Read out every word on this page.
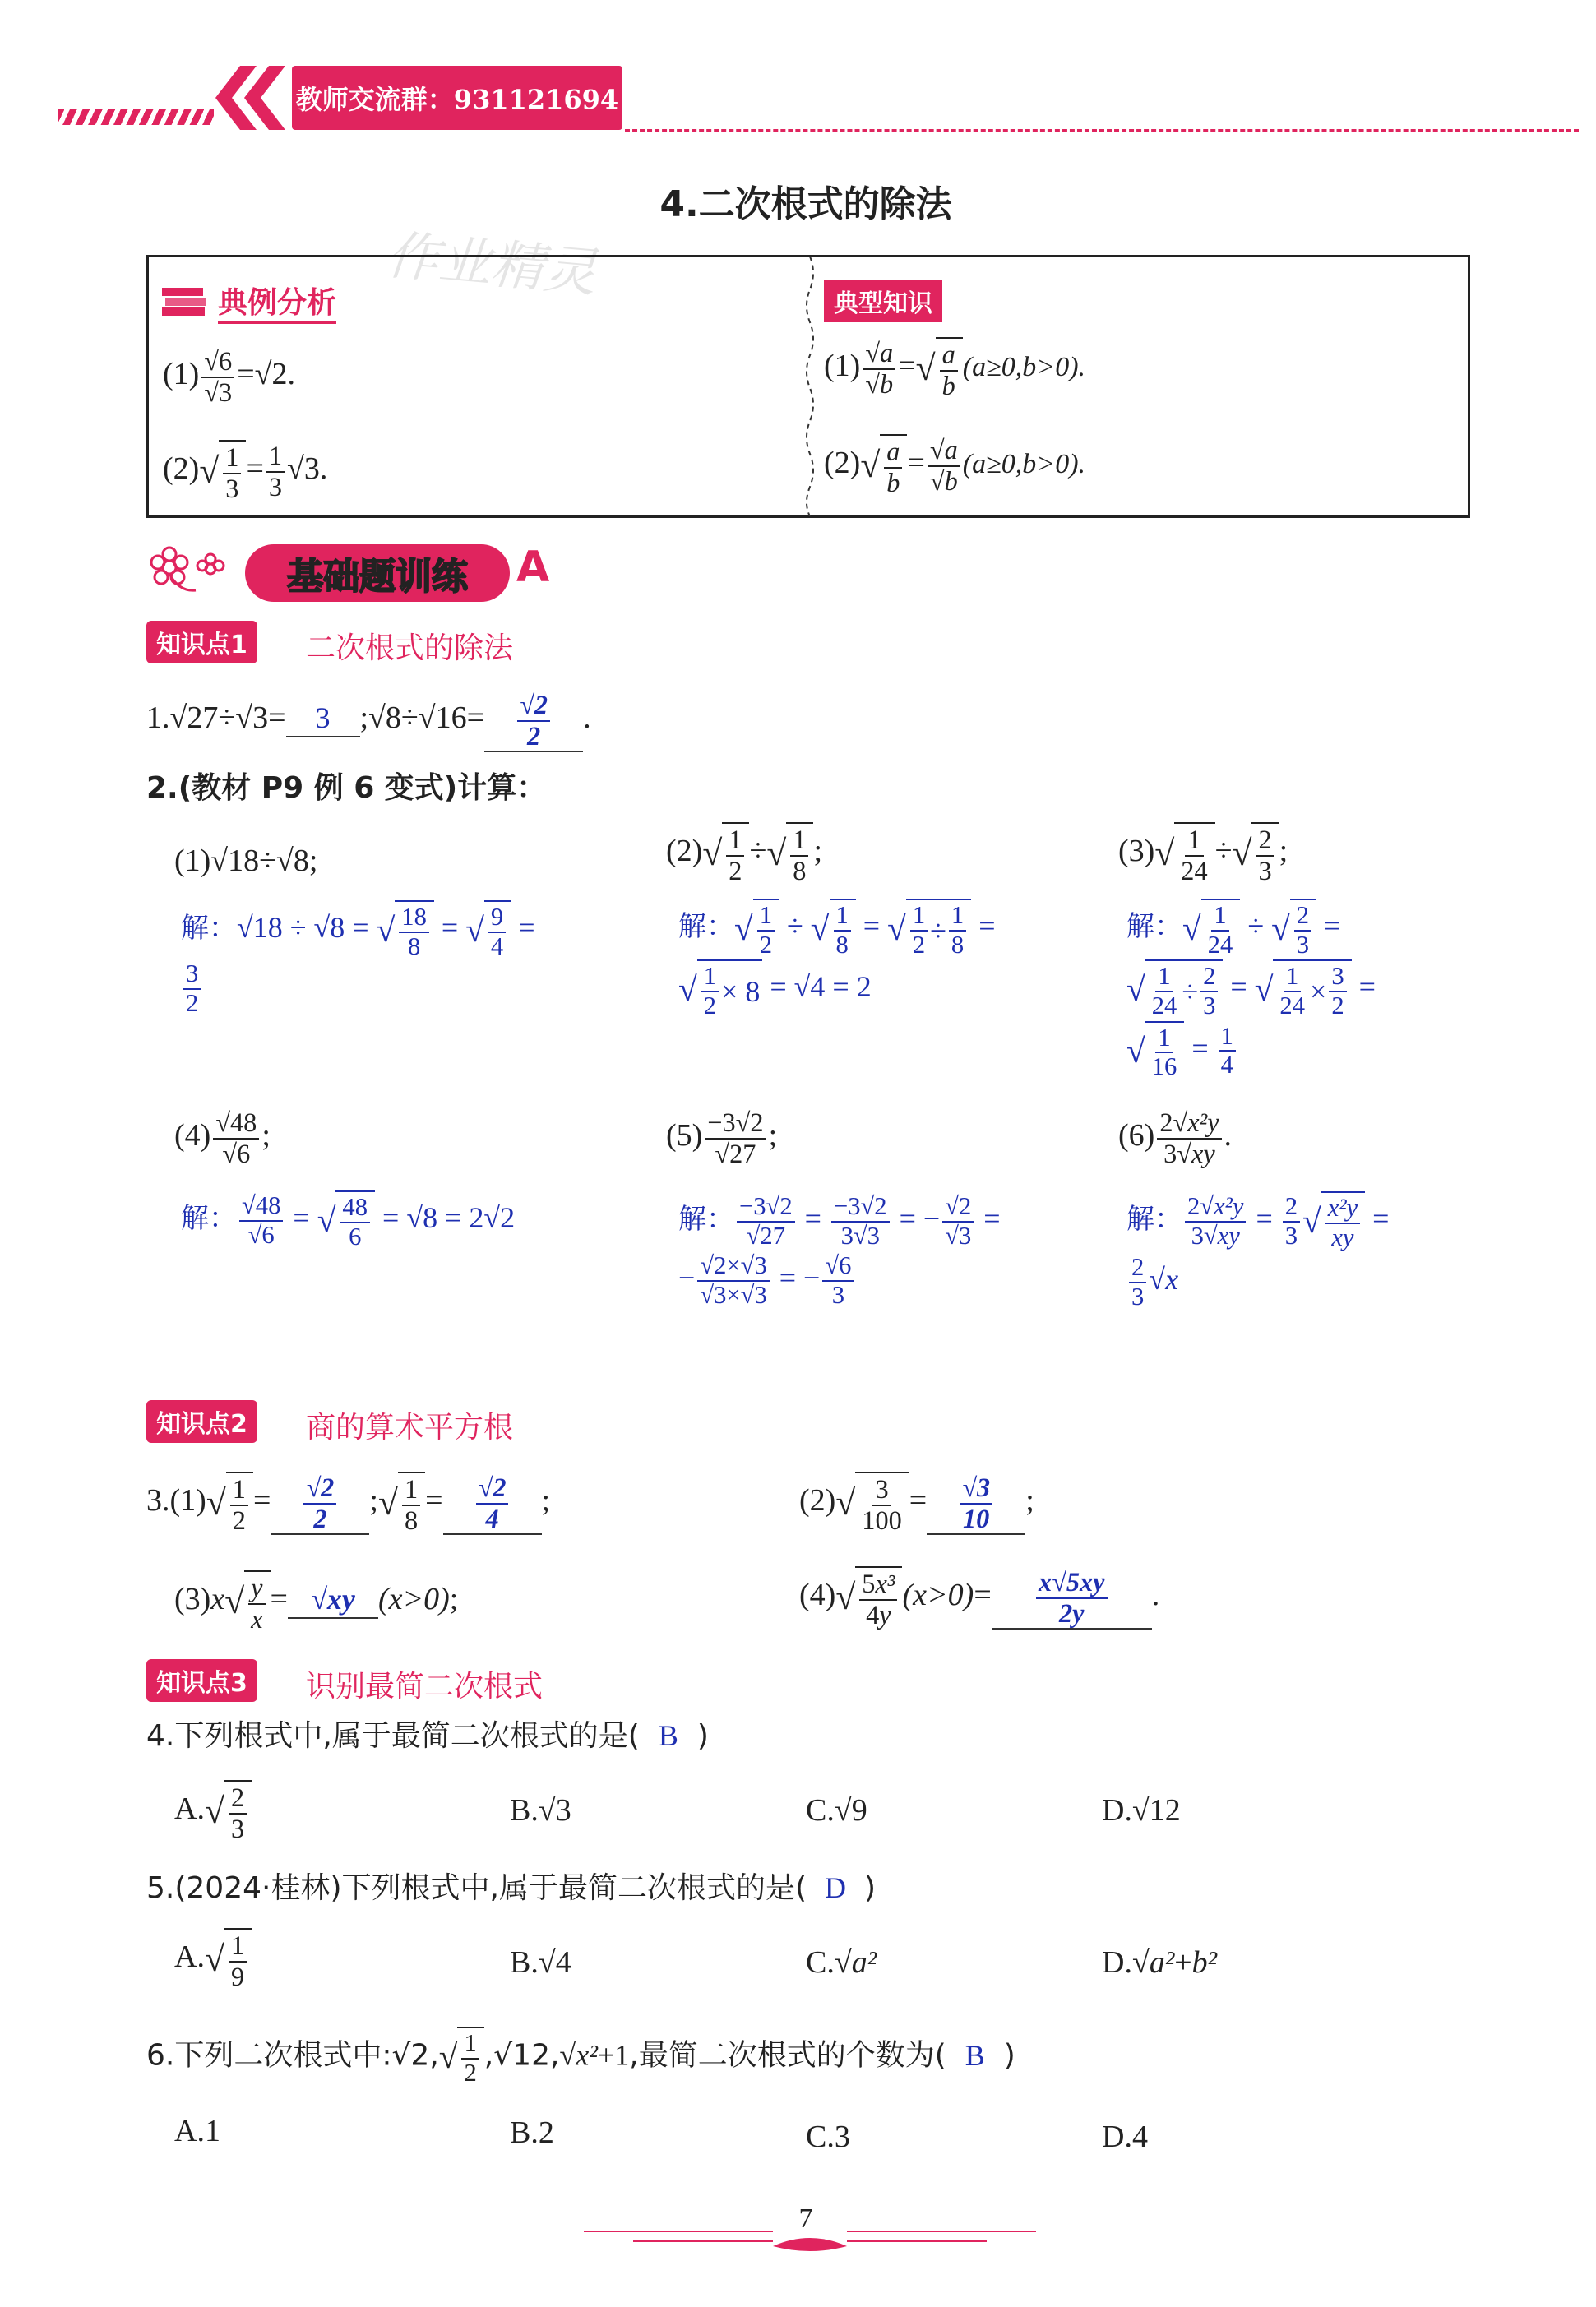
教师交流群：931121694
4.二次根式的除法
作业精灵
典例分析
$(1) \frac{√6}{√3} =√2$.
(2) √ $\frac{1}{3} = \frac{1}{3} √3$.
典型知识
$(1) \frac{√a}{√b}$ = √ $\frac{a}{b} (a\ge 0,b>0)$.
(2) √ $\frac{a}{b} = \frac{√a}{√b} (a\ge 0,b>0)$.
基础题训练 A
知识点1	二次根式的除法
1.√27÷√3= 3 ;√8÷√16= $\frac{√2}{2}$ .
2.(教材 P9 例 6 变式)计算：
(1)√18÷√8;
解：√18 ÷ √8 = √ $\frac{18}{8}$ = √ $\frac{9}{4}$ =

$\frac{3}{2}$
(2) √ $\frac{1}{2}$ ÷ √ $\frac{1}{8}$ ;
解： √ $\frac{1}{2}$ ÷ √ $\frac{1}{8}$ = √ $\frac{1}{2} \div \frac{1}{8}$ =

√ $\frac{1}{2} \times 8 = √4 = 2$
(3) √ $\frac{1}{24}$ ÷ √ $\frac{2}{3}$ ;
解： √ $\frac{1}{24}$ ÷ √ $\frac{2}{3}$ =

√ $\frac{1}{24} \div \frac{2}{3}$ = √ $\frac{1}{24} \times \frac{3}{2}$ =

√ $\frac{1}{16} = \frac{1}{4}$
$(4) \frac{√48}{√6}$ ;
解： $\frac{√48}{√6}$ = √ $\frac{48}{6} = √8 = 2√2$
$(5) \frac{-3√2}{√27}$ ;
解： $\frac{-3√2}{√27} = \frac{-3√2}{3√3}$ = − $\frac{√2}{√3}$ =
− $\frac{√2\times√3}{√3\times√3}$ = − $\frac{√6}{3}$
$(6) \frac{\text{2√x²y}}{3√xy}$ .
解： $\frac{\text{2√x²y}}{3√xy} = \frac{2}{3}$ √ $\frac{\text{x²y}}{xy}$ =

$\frac{2}{3} √x$
知识点2	商的算术平方根
3.(1) √ $\frac{1}{2} = \frac{√2}{2}$ ; √ $\frac{1}{8} = \frac{√2}{4}$ ;	(2) √ $\frac{3}{100} = \frac{√3}{10}$ ;
(3)x √ $\frac{y}{x} = √xy$ (x>0);	(4) √ $\frac{\text{5x³}}{4y} (x>0)= \frac{x√5xy}{2y}$ .
知识点3	识别最简二次根式
4.下列根式中,属于最简二次根式的是( B )
A. √ $\frac{2}{3}$	B.√3	C.√9	D.√12
5.(2024·桂林)下列根式中,属于最简二次根式的是( D )
A. √ $\frac{1}{9}$	B.√4	C.√a²	D.√a²+b²
6.下列二次根式中:√2, √ $\frac{1}{2} ,√12,√x^2+1$,最简二次根式的个数为( B )
A.1	B.2	C.3	D.4
7
